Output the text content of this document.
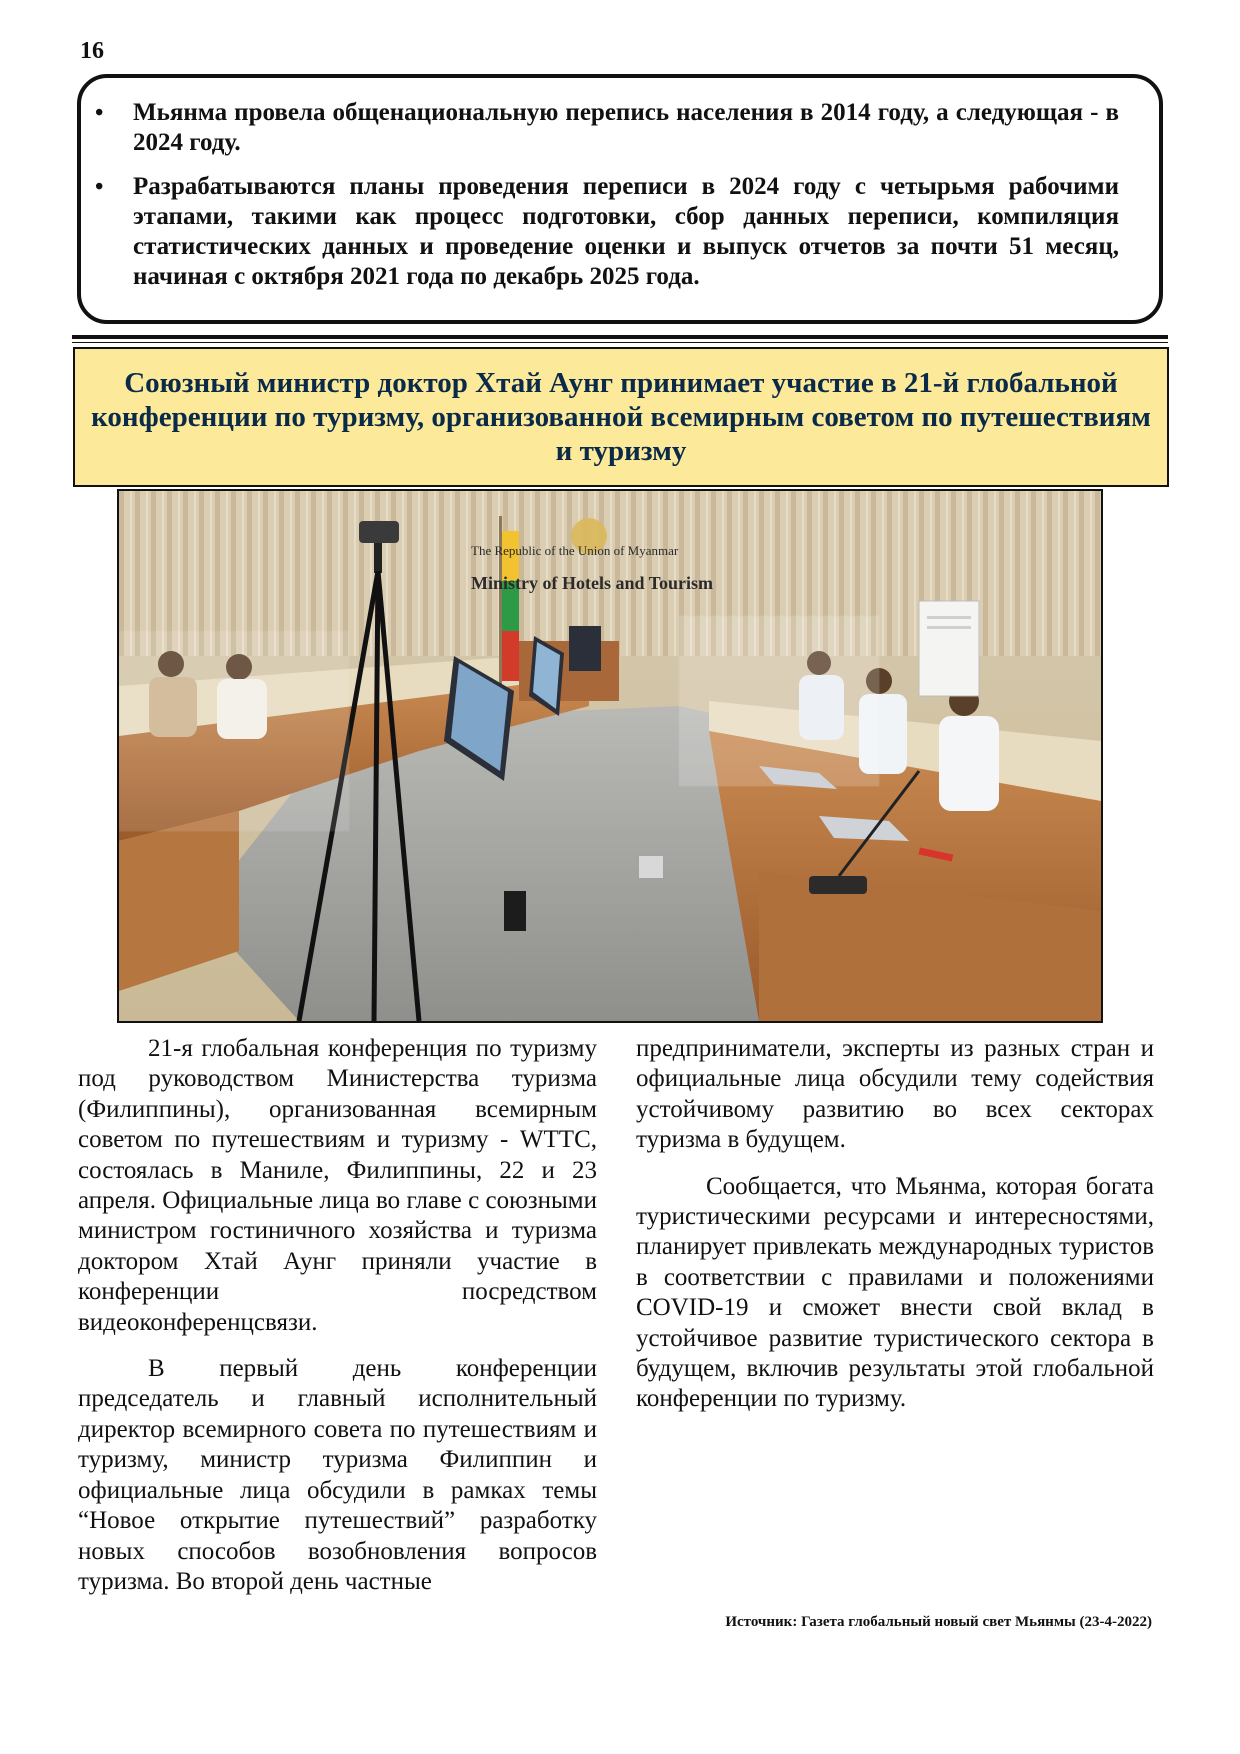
16
• Мьянма провела общенациональную перепись населения в 2014 году, а следующая - в 2024 году.
• Разрабатываются планы проведения переписи в 2024 году с четырьмя рабочими этапами, такими как процесс подготовки, сбор данных переписи, компиляция статистических данных и проведение оценки и выпуск отчетов за почти 51 месяц, начиная с октября 2021 года по декабрь 2025 года.
Союзный министр доктор Хтай Аунг принимает участие в 21-й глобальной конференции по туризму, организованной всемирным советом по путешествиям и туризму
The Republic of the Union of Myanmar
Ministry of Hotels and Tourism

21-я глобальная конференция по туризму под руководством Министерства туризма (Филиппины), организованная всемирным советом по путешествиям и туризму - WTTC, состоялась в Маниле, Филиппины, 22 и 23 апреля. Официальные лица во главе с союзными министром гостиничного хозяйства и туризма доктором Хтай Аунг приняли участие в конференции посредством видеоконференцсвязи.

В первый день конференции председатель и главный исполнительный директор всемирного совета по путешествиям и туризму, министр туризма Филиппин и официальные лица обсудили в рамках темы “Новое открытие путешествий” разработку новых способов возобновления вопросов туризма. Во второй день частные

предприниматели, эксперты из разных стран и официальные лица обсудили тему содействия устойчивому развитию во всех секторах туризма в будущем.

Сообщается, что Мьянма, которая богата туристическими ресурсами и интересностями, планирует привлекать международных туристов в соответствии с правилами и положениями COVID-19 и сможет внести свой вклад в устойчивое развитие туристического сектора в будущем, включив результаты этой глобальной конференции по туризму.

Источник: Газета глобальный новый свет Мьянмы (23-4-2022)
